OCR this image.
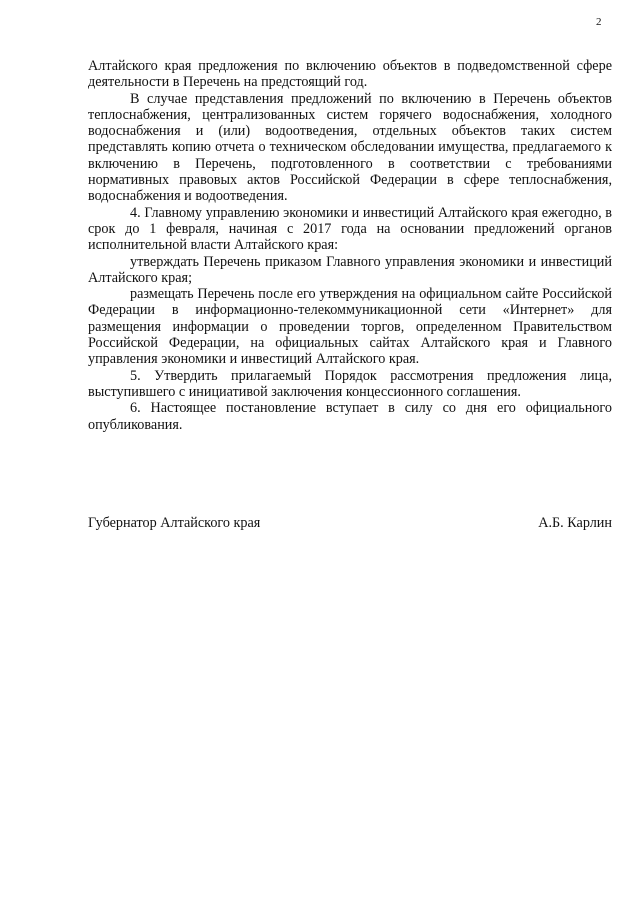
2

Алтайского края предложения по включению объектов в подведомственной сфере деятельности в Перечень на предстоящий год.

В случае представления предложений по включению в Перечень объектов теплоснабжения, централизованных систем горячего водоснабжения, холодного водоснабжения и (или) водоотведения, отдельных объектов таких систем представлять копию отчета о техническом обследовании имущества, предлагаемого к включению в Перечень, подготовленного в соответствии с требованиями нормативных правовых актов Российской Федерации в сфере теплоснабжения, водоснабжения и водоотведения.

4. Главному управлению экономики и инвестиций Алтайского края ежегодно, в срок до 1 февраля, начиная с 2017 года на основании предложений органов исполнительной власти Алтайского края:

утверждать Перечень приказом Главного управления экономики и инвестиций Алтайского края;

размещать Перечень после его утверждения на официальном сайте Российской Федерации в информационно-телекоммуникационной сети «Интернет» для размещения информации о проведении торгов, определенном Правительством Российской Федерации, на официальных сайтах Алтайского края и Главного управления экономики и инвестиций Алтайского края.

5. Утвердить прилагаемый Порядок рассмотрения предложения лица, выступившего с инициативой заключения концессионного соглашения.

6. Настоящее постановление вступает в силу со дня его официального опубликования.

Губернатор Алтайского края	А.Б. Карлин
